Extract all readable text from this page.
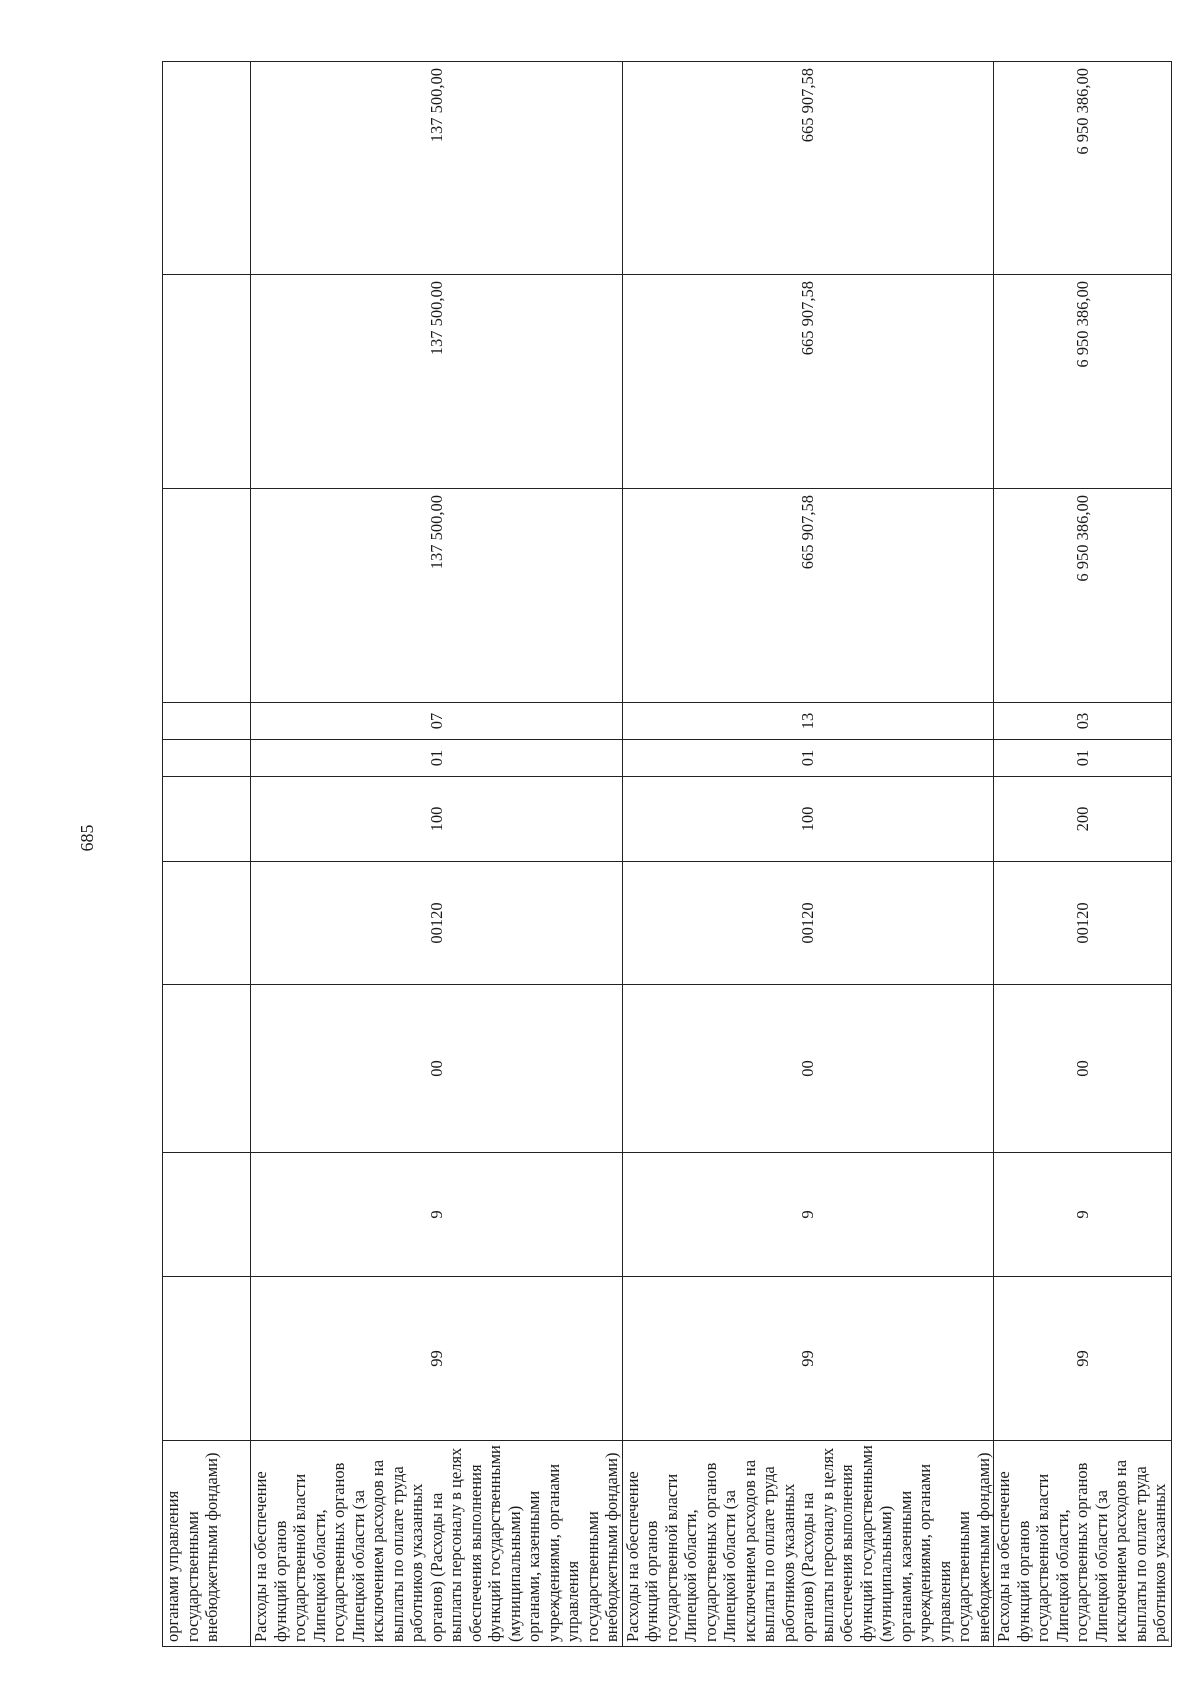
685
органами управления государственными внебюджетными фондами)										
Расходы на обеспечение функций органов государственной власти Липецкой области, государственных органов Липецкой области (за исключением расходов на выплаты по оплате труда работников указанных органов) (Расходы на выплаты персоналу в целях обеспечения выполнения функций государственными (муниципальными) органами, казенными учреждениями, органами управления государственными внебюджетными фондами)	99	9	00	00120	100	01	07	137 500,00	137 500,00	137 500,00
Расходы на обеспечение функций органов государственной власти Липецкой области, государственных органов Липецкой области (за исключением расходов на выплаты по оплате труда работников указанных органов) (Расходы на выплаты персоналу в целях обеспечения выполнения функций государственными (муниципальными) органами, казенными учреждениями, органами управления государственными внебюджетными фондами)	99	9	00	00120	100	01	13	665 907,58	665 907,58	665 907,58
Расходы на обеспечение функций органов государственной власти Липецкой области, государственных органов Липецкой области (за исключением расходов на выплаты по оплате труда работников указанных	99	9	00	00120	200	01	03	6 950 386,00	6 950 386,00	6 950 386,00
